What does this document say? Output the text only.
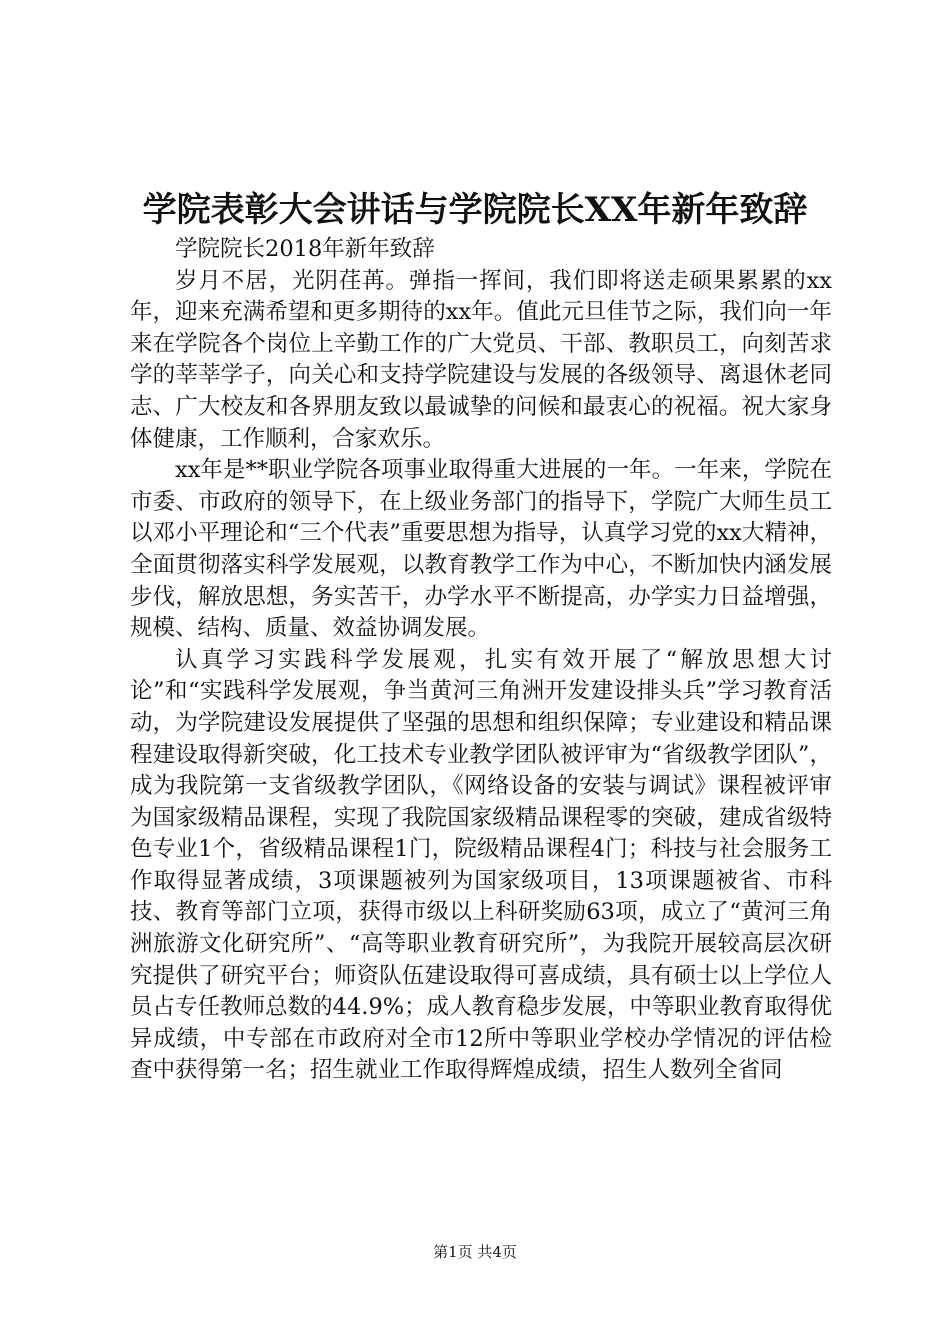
学院表彰大会讲话与学院院长XX年新年致辞

学院院长2018年新年致辞

岁月不居，光阴荏苒。弹指一挥间，我们即将送走硕果累累的xx年，迎来充满希望和更多期待的xx年。值此元旦佳节之际，我们向一年来在学院各个岗位上辛勤工作的广大党员、干部、教职员工，向刻苦求学的莘莘学子，向关心和支持学院建设与发展的各级领导、离退休老同志、广大校友和各界朋友致以最诚挚的问候和最衷心的祝福。祝大家身体健康，工作顺利，合家欢乐。

xx年是**职业学院各项事业取得重大进展的一年。一年来，学院在市委、市政府的领导下，在上级业务部门的指导下，学院广大师生员工以邓小平理论和“三个代表”重要思想为指导，认真学习党的xx大精神，全面贯彻落实科学发展观，以教育教学工作为中心，不断加快内涵发展步伐，解放思想，务实苦干，办学水平不断提高，办学实力日益增强，规模、结构、质量、效益协调发展。

认真学习实践科学发展观，扎实有效开展了“解放思想大讨论”和“实践科学发展观，争当黄河三角洲开发建设排头兵”学习教育活动，为学院建设发展提供了坚强的思想和组织保障；专业建设和精品课程建设取得新突破，化工技术专业教学团队被评审为“省级教学团队”，成为我院第一支省级教学团队，《网络设备的安装与调试》课程被评审为国家级精品课程，实现了我院国家级精品课程零的突破，建成省级特色专业1个，省级精品课程1门，院级精品课程4门；科技与社会服务工作取得显著成绩，3项课题被列为国家级项目，13项课题被省、市科技、教育等部门立项，获得市级以上科研奖励63项，成立了“黄河三角洲旅游文化研究所”、“高等职业教育研究所”，为我院开展较高层次研究提供了研究平台；师资队伍建设取得可喜成绩，具有硕士以上学位人员占专任教师总数的44.9%；成人教育稳步发展，中等职业教育取得优异成绩，中专部在市政府对全市12所中等职业学校办学情况的评估检查中获得第一名；招生就业工作取得辉煌成绩，招生人数列全省同

第1页 共4页
